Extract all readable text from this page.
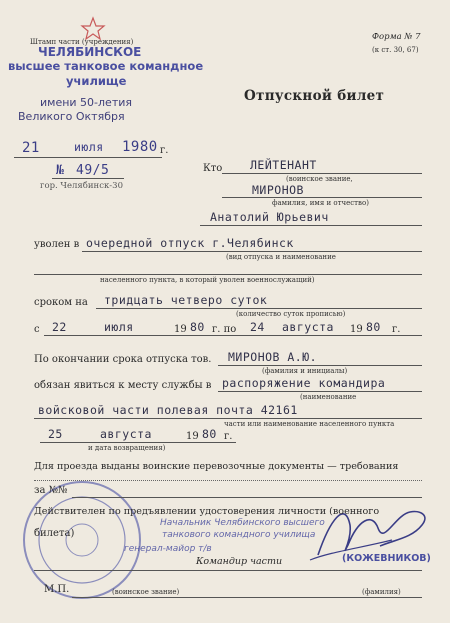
Штамп части (учреждения)
ЧЕЛЯБИНСКОЕ
высшее танковое командное
училище
имени 50-летия
Великого Октября
Форма № 7
(к ст. 30, 67)
21	июля 1980 г.
№ 49/5
гор. Челябинск-30
Отпускной билет
Кто ЛЕЙТЕНАНТ
(воинское звание,
МИРОНОВ
фамилия, имя и отчество)
Анатолий Юрьевич
уволен в очередной отпуск г.Челябинск
(вид отпуска и наименование
населенного пункта, в который уволен военнослужащий)
сроком на тридцать четверо суток
(количество суток прописью)
с 22	июля	19 80 г. по 24 августа 19 80 г.
По окончании срока отпуска тов. МИРОНОВ А.Ю.
(фамилия и инициалы)
обязан явиться к месту службы в распоряжение командира
(наименование
войсковой части полевая почта 42161
части или наименование населенного пункта
25	августа	19 80 г.
и дата возвращения)
Для проезда выданы воинские перевозочные документы — требования
за №№
Действителен по предъявлении удостоверения личности (военного
билета)
Начальник Челябинского высшего
танкового командного училища
генерал-майор т/в
Командир части	(КОЖЕВНИКОВ)
М.П.	(воинское звание)	(фамилия)
